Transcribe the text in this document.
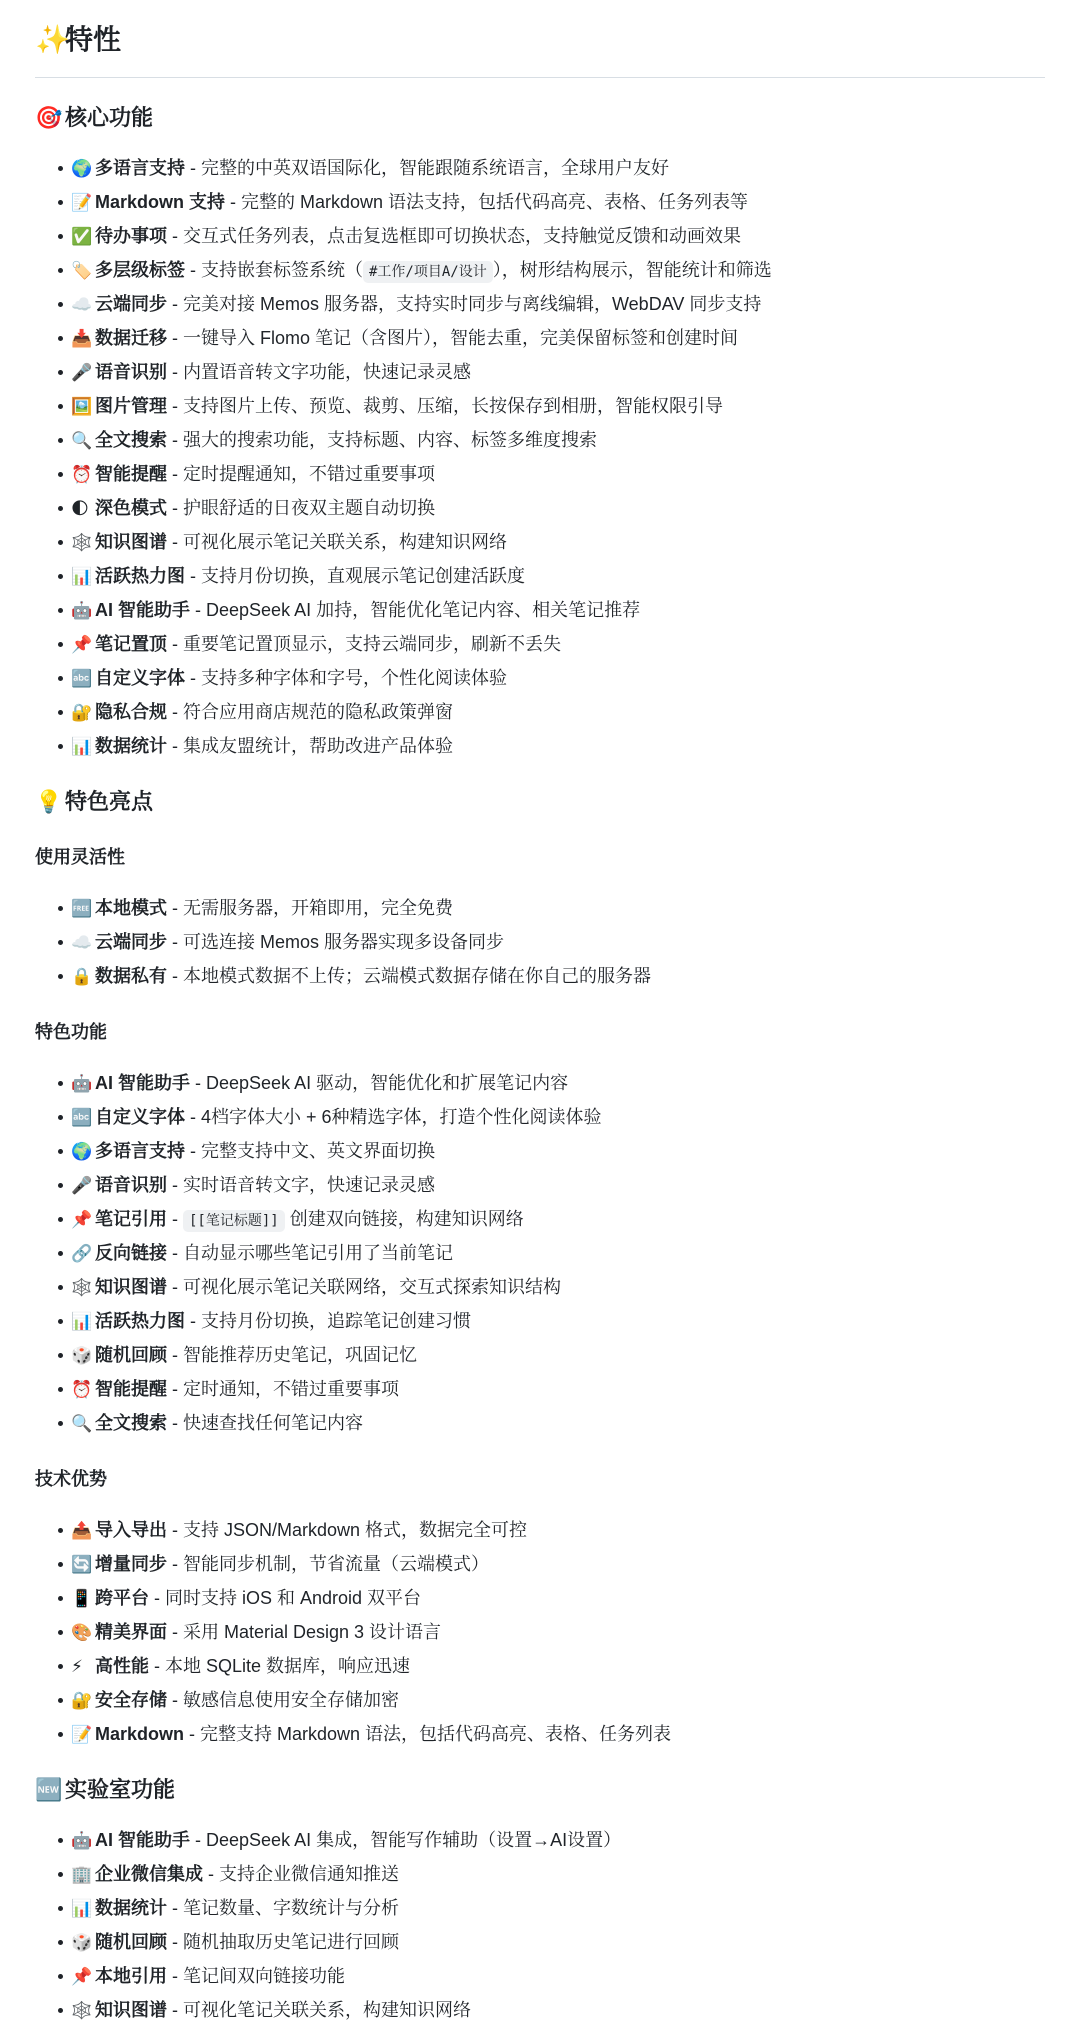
✨特性
🎯 核心功能
🌍 多语言支持 - 完整的中英双语国际化，智能跟随系统语言，全球用户友好
📝 Markdown 支持 - 完整的 Markdown 语法支持，包括代码高亮、表格、任务列表等
✅ 待办事项 - 交互式任务列表，点击复选框即可切换状态，支持触觉反馈和动画效果
🏷️ 多层级标签 - 支持嵌套标签系统（ #工作/项目A/设计 ），树形结构展示，智能统计和筛选
☁️ 云端同步 - 完美对接 Memos 服务器，支持实时同步与离线编辑，WebDAV 同步支持
📥 数据迁移 - 一键导入 Flomo 笔记（含图片），智能去重，完美保留标签和创建时间
🎤 语音识别 - 内置语音转文字功能，快速记录灵感
🖼️ 图片管理 - 支持图片上传、预览、裁剪、压缩，长按保存到相册，智能权限引导
🔍 全文搜索 - 强大的搜索功能，支持标题、内容、标签多维度搜索
⏰ 智能提醒 - 定时提醒通知，不错过重要事项
🌓 深色模式 - 护眼舒适的日夜双主题自动切换
🕸️ 知识图谱 - 可视化展示笔记关联关系，构建知识网络
📊 活跃热力图 - 支持月份切换，直观展示笔记创建活跃度
🤖 AI 智能助手 - DeepSeek AI 加持，智能优化笔记内容、相关笔记推荐
📌 笔记置顶 - 重要笔记置顶显示，支持云端同步，刷新不丢失
🔤 自定义字体 - 支持多种字体和字号，个性化阅读体验
🔐 隐私合规 - 符合应用商店规范的隐私政策弹窗
📊 数据统计 - 集成友盟统计，帮助改进产品体验
💡 特色亮点
使用灵活性
🆓 本地模式 - 无需服务器，开箱即用，完全免费
☁️ 云端同步 - 可选连接 Memos 服务器实现多设备同步
🔒 数据私有 - 本地模式数据不上传；云端模式数据存储在你自己的服务器
特色功能
🤖 AI 智能助手 - DeepSeek AI 驱动，智能优化和扩展笔记内容
🔤 自定义字体 - 4档字体大小 + 6种精选字体，打造个性化阅读体验
🌍 多语言支持 - 完整支持中文、英文界面切换
🎤 语音识别 - 实时语音转文字，快速记录灵感
📌 笔记引用 - [[笔记标题]] 创建双向链接，构建知识网络
🔗 反向链接 - 自动显示哪些笔记引用了当前笔记
🕸️ 知识图谱 - 可视化展示笔记关联网络，交互式探索知识结构
📊 活跃热力图 - 支持月份切换，追踪笔记创建习惯
🎲 随机回顾 - 智能推荐历史笔记，巩固记忆
⏰ 智能提醒 - 定时通知，不错过重要事项
🔍 全文搜索 - 快速查找任何笔记内容
技术优势
📤 导入导出 - 支持 JSON/Markdown 格式，数据完全可控
🔄 增量同步 - 智能同步机制，节省流量（云端模式）
📱 跨平台 - 同时支持 iOS 和 Android 双平台
🎨 精美界面 - 采用 Material Design 3 设计语言
⚡ 高性能 - 本地 SQLite 数据库，响应迅速
🔐 安全存储 - 敏感信息使用安全存储加密
📝 Markdown - 完整支持 Markdown 语法，包括代码高亮、表格、任务列表
🆕 实验室功能
🤖 AI 智能助手 - DeepSeek AI 集成，智能写作辅助（设置→AI设置）
🏢 企业微信集成 - 支持企业微信通知推送
📊 数据统计 - 笔记数量、字数统计与分析
🎲 随机回顾 - 随机抽取历史笔记进行回顾
📌 本地引用 - 笔记间双向链接功能
🕸️ 知识图谱 - 可视化笔记关联关系，构建知识网络
